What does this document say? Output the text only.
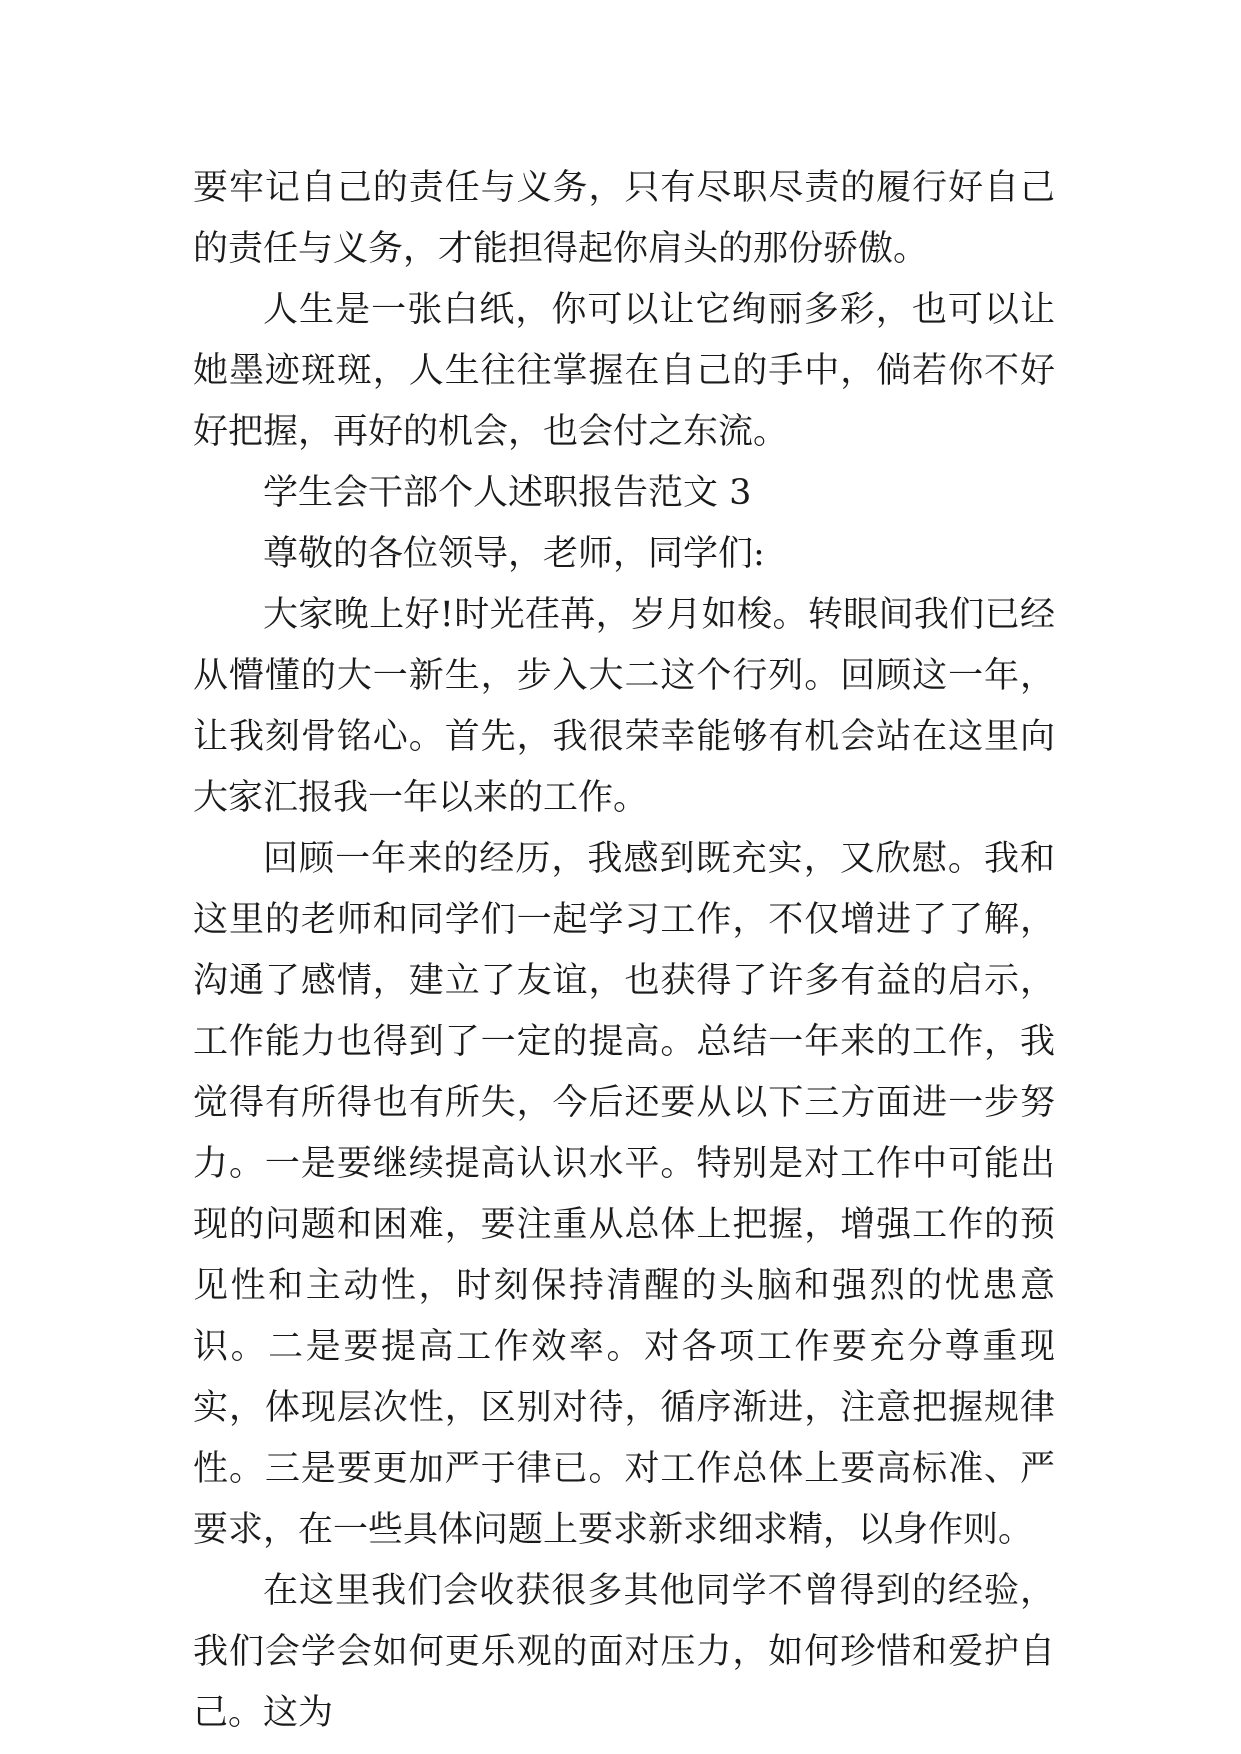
要牢记自己的责任与义务，只有尽职尽责的履行好自己的责任与义务，才能担得起你肩头的那份骄傲。

人生是一张白纸，你可以让它绚丽多彩，也可以让她墨迹斑斑，人生往往掌握在自己的手中，倘若你不好好把握，再好的机会，也会付之东流。

学生会干部个人述职报告范文 3

尊敬的各位领导，老师，同学们:

大家晚上好!时光荏苒，岁月如梭。转眼间我们已经从懵懂的大一新生，步入大二这个行列。回顾这一年，让我刻骨铭心。首先，我很荣幸能够有机会站在这里向大家汇报我一年以来的工作。

回顾一年来的经历，我感到既充实，又欣慰。我和这里的老师和同学们一起学习工作，不仅增进了了解，沟通了感情，建立了友谊，也获得了许多有益的启示，工作能力也得到了一定的提高。总结一年来的工作，我觉得有所得也有所失，今后还要从以下三方面进一步努力。一是要继续提高认识水平。特别是对工作中可能出现的问题和困难，要注重从总体上把握，增强工作的预见性和主动性，时刻保持清醒的头脑和强烈的忧患意识。二是要提高工作效率。对各项工作要充分尊重现实，体现层次性，区别对待，循序渐进，注意把握规律性。三是要更加严于律已。对工作总体上要高标准、严要求，在一些具体问题上要求新求细求精，以身作则。

在这里我们会收获很多其他同学不曾得到的经验，我们会学会如何更乐观的面对压力，如何珍惜和爱护自己。这为
